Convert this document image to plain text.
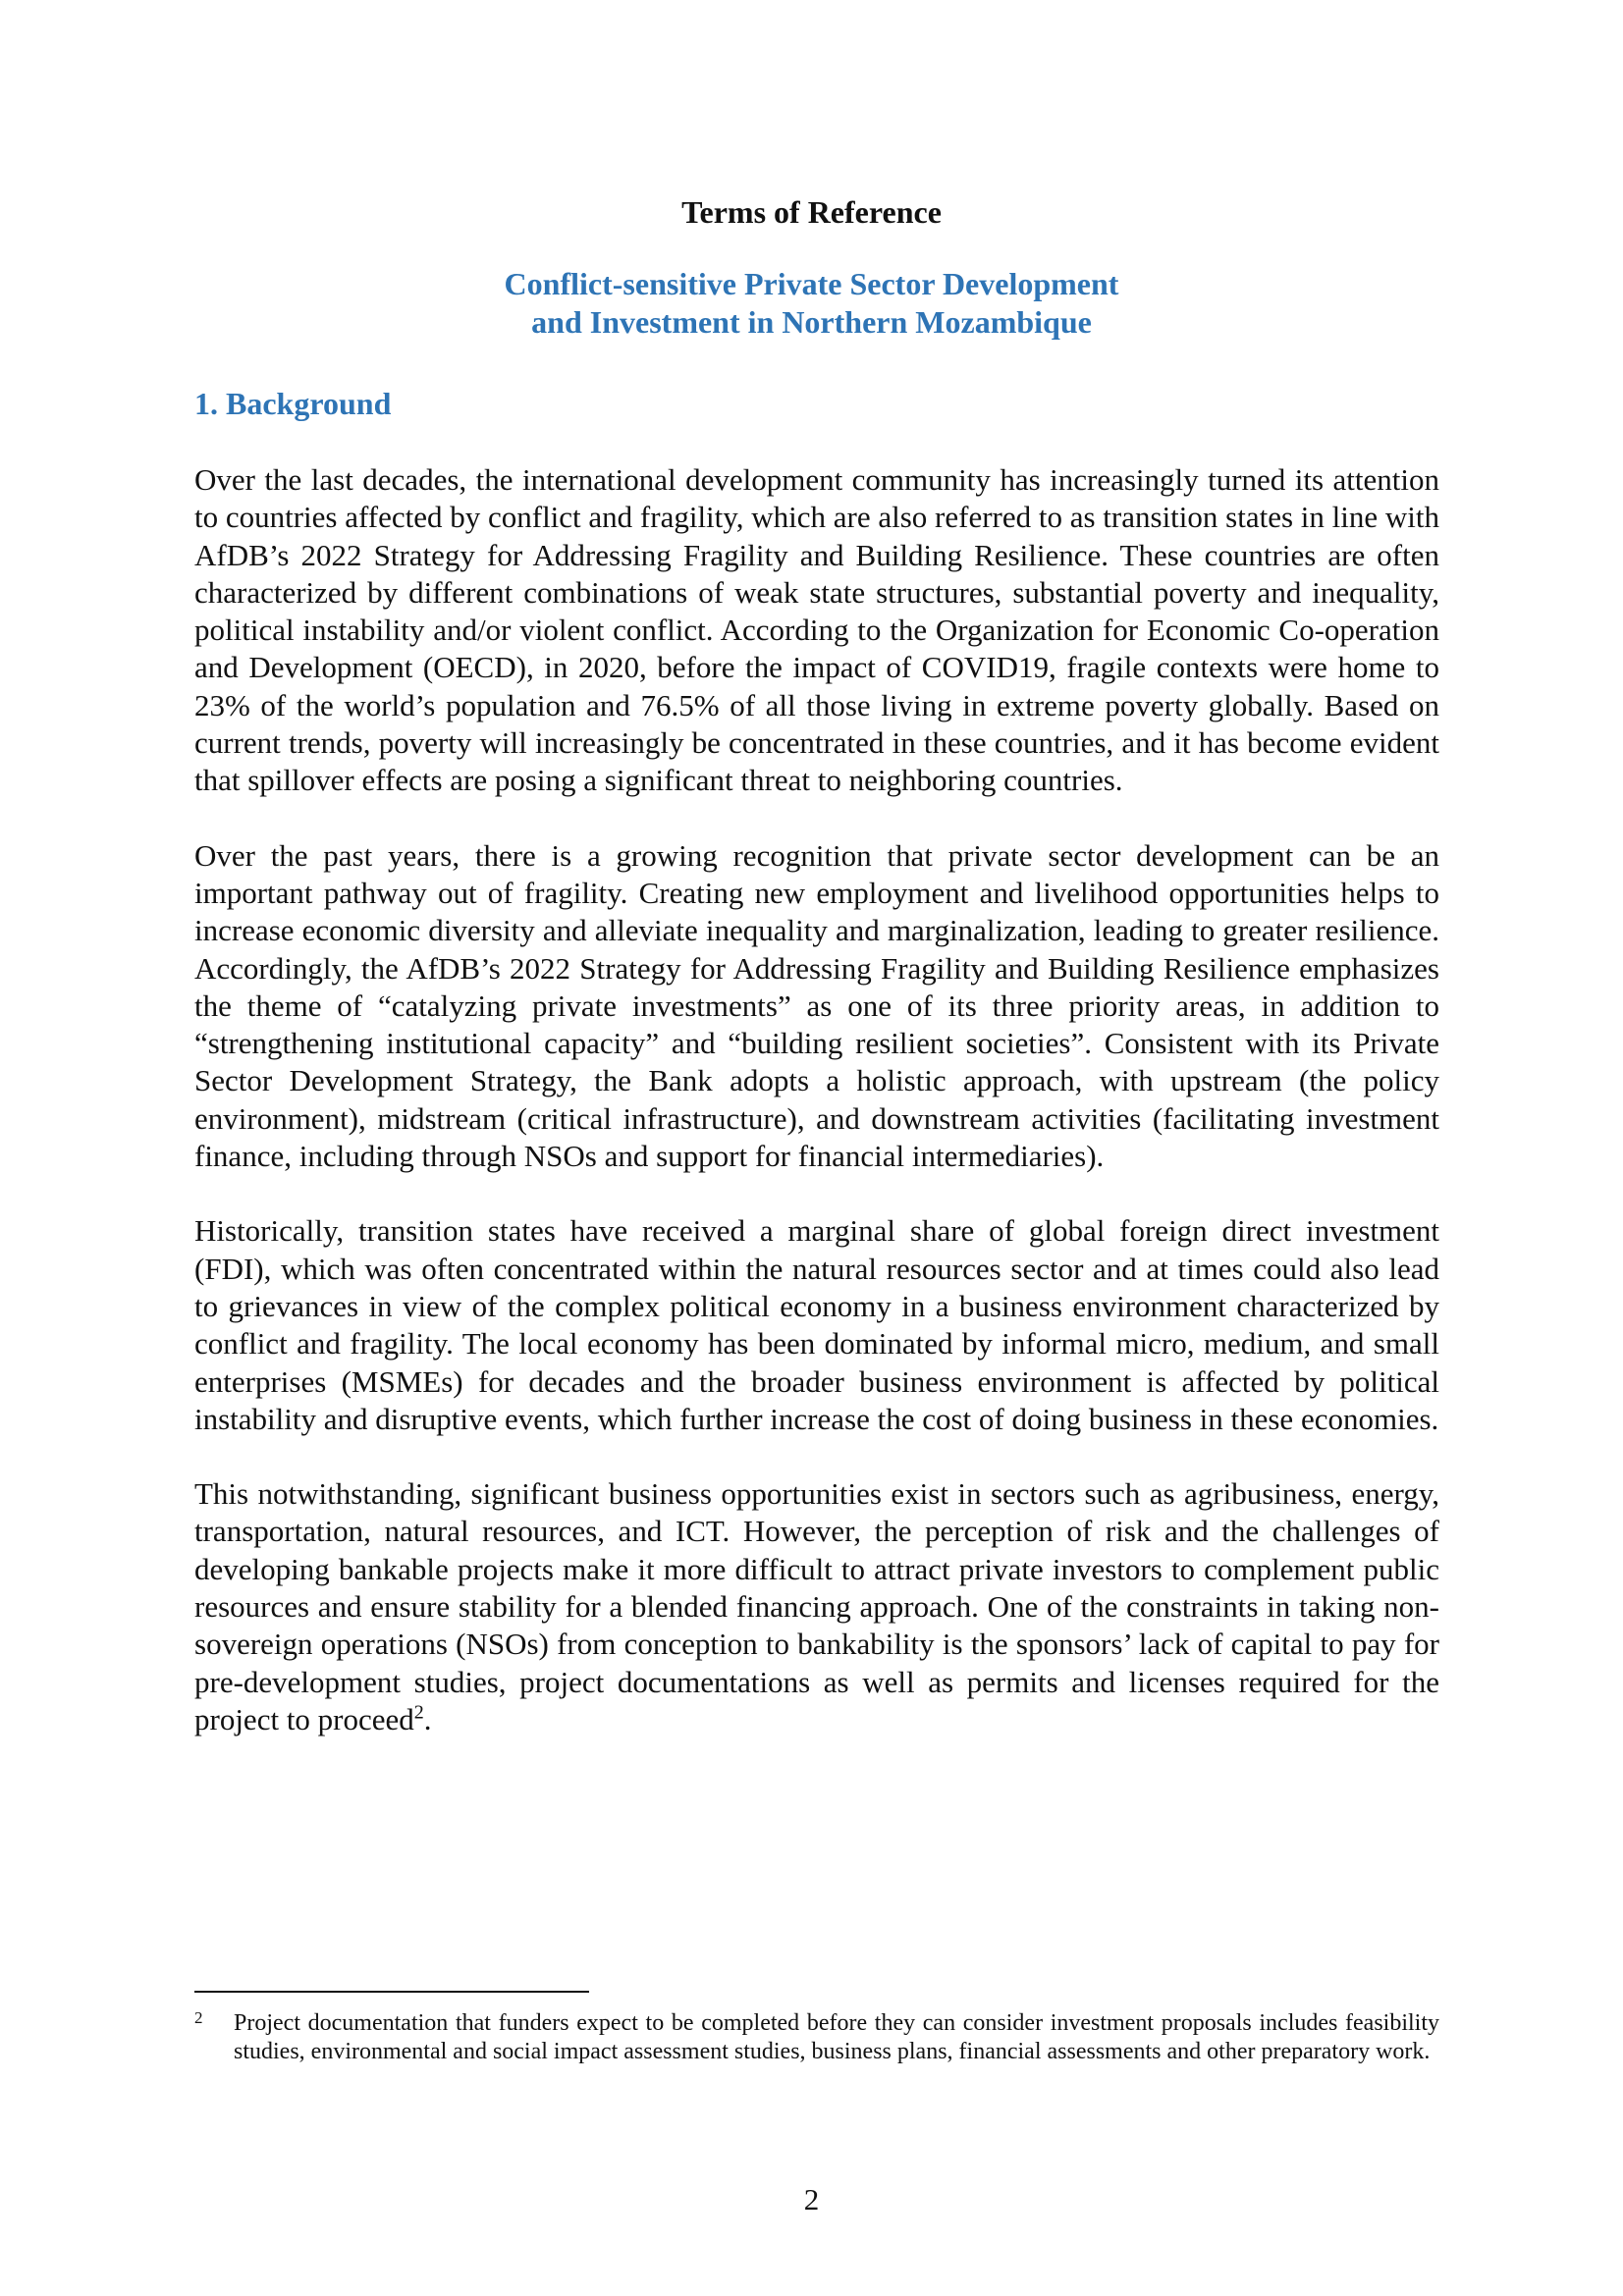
Terms of Reference
Conflict-sensitive Private Sector Development
and Investment in Northern Mozambique
1. Background

Over the last decades, the international development community has increasingly turned its attention to countries affected by conflict and fragility, which are also referred to as transition states in line with AfDB’s 2022 Strategy for Addressing Fragility and Building Resilience. These countries are often characterized by different combinations of weak state structures, substantial poverty and inequality, political instability and/or violent conflict. According to the Organization for Economic Co-operation and Development (OECD), in 2020, before the impact of COVID19, fragile contexts were home to 23% of the world’s population and 76.5% of all those living in extreme poverty globally. Based on current trends, poverty will increasingly be concentrated in these countries, and it has become evident that spillover effects are posing a significant threat to neighboring countries.

Over the past years, there is a growing recognition that private sector development can be an important pathway out of fragility. Creating new employment and livelihood opportunities helps to increase economic diversity and alleviate inequality and marginalization, leading to greater resilience. Accordingly, the AfDB’s 2022 Strategy for Addressing Fragility and Building Resilience emphasizes the theme of “catalyzing private investments” as one of its three priority areas, in addition to “strengthening institutional capacity” and “building resilient societies”. Consistent with its Private Sector Development Strategy, the Bank adopts a holistic approach, with upstream (the policy environment), midstream (critical infrastructure), and downstream activities (facilitating investment finance, including through NSOs and support for financial intermediaries).

Historically, transition states have received a marginal share of global foreign direct investment (FDI), which was often concentrated within the natural resources sector and at times could also lead to grievances in view of the complex political economy in a business environment characterized by conflict and fragility. The local economy has been dominated by informal micro, medium, and small enterprises (MSMEs) for decades and the broader business environment is affected by political instability and disruptive events, which further increase the cost of doing business in these economies.

This notwithstanding, significant business opportunities exist in sectors such as agribusiness, energy, transportation, natural resources, and ICT. However, the perception of risk and the challenges of developing bankable projects make it more difficult to attract private investors to complement public resources and ensure stability for a blended financing approach. One of the constraints in taking non-sovereign operations (NSOs) from conception to bankability is the sponsors’ lack of capital to pay for pre-development studies, project documentations as well as permits and licenses required for the project to proceed$^2$.

2 Project documentation that funders expect to be completed before they can consider investment proposals includes feasibility studies, environmental and social impact assessment studies, business plans, financial assessments and other preparatory work.
2
